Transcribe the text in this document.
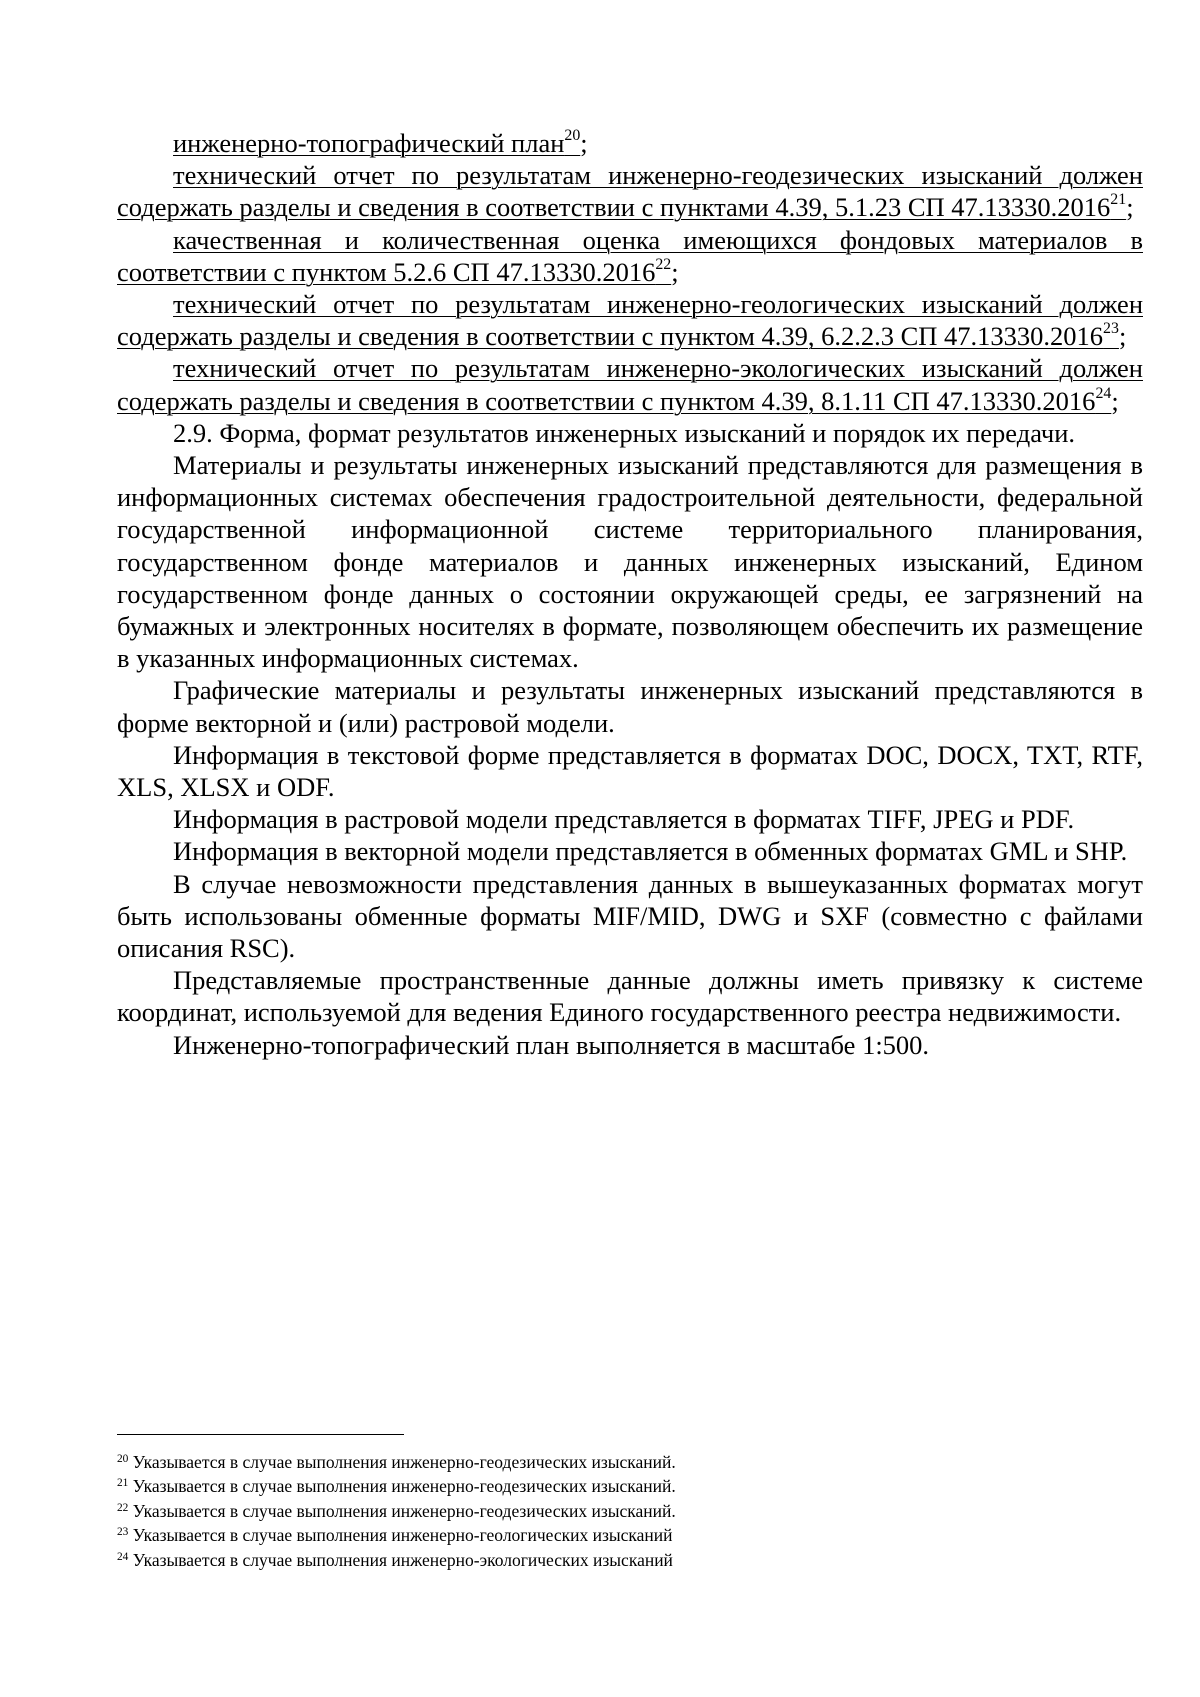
инженерно-топографический план$^{20}$;

технический отчет по результатам инженерно-геодезических изысканий должен содержать разделы и сведения в соответствии с пунктами 4.39, 5.1.23 СП 47.13330.2016$^{21}$;

качественная и количественная оценка имеющихся фондовых материалов в соответствии с пунктом 5.2.6 СП 47.13330.2016$^{22}$;

технический отчет по результатам инженерно-геологических изысканий должен содержать разделы и сведения в соответствии с пунктом 4.39, 6.2.2.3 СП 47.13330.2016$^{23}$;

технический отчет по результатам инженерно-экологических изысканий должен содержать разделы и сведения в соответствии с пунктом 4.39, 8.1.11 СП 47.13330.2016$^{24}$;

2.9. Форма, формат результатов инженерных изысканий и порядок их передачи.

Материалы и результаты инженерных изысканий представляются для размещения в информационных системах обеспечения градостроительной деятельности, федеральной государственной информационной системе территориального планирования, государственном фонде материалов и данных инженерных изысканий, Едином государственном фонде данных о состоянии окружающей среды, ее загрязнений на бумажных и электронных носителях в формате, позволяющем обеспечить их размещение в указанных информационных системах.

Графические материалы и результаты инженерных изысканий представляются в форме векторной и (или) растровой модели.

Информация в текстовой форме представляется в форматах DOC, DOCX, TXT, RTF, XLS, XLSX и ODF.

Информация в растровой модели представляется в форматах TIFF, JPEG и PDF.

Информация в векторной модели представляется в обменных форматах GML и SHP.

В случае невозможности представления данных в вышеуказанных форматах могут быть использованы обменные форматы MIF/MID, DWG и SXF (совместно с файлами описания RSC).

Представляемые пространственные данные должны иметь привязку к системе координат, используемой для ведения Единого государственного реестра недвижимости.

Инженерно-топографический план выполняется в масштабе 1:500.

$^{20}$ Указывается в случае выполнения инженерно-геодезических изысканий.

$^{21}$ Указывается в случае выполнения инженерно-геодезических изысканий.

$^{22}$ Указывается в случае выполнения инженерно-геодезических изысканий.

$^{23}$ Указывается в случае выполнения инженерно-геологических изысканий

$^{24}$ Указывается в случае выполнения инженерно-экологических изысканий
